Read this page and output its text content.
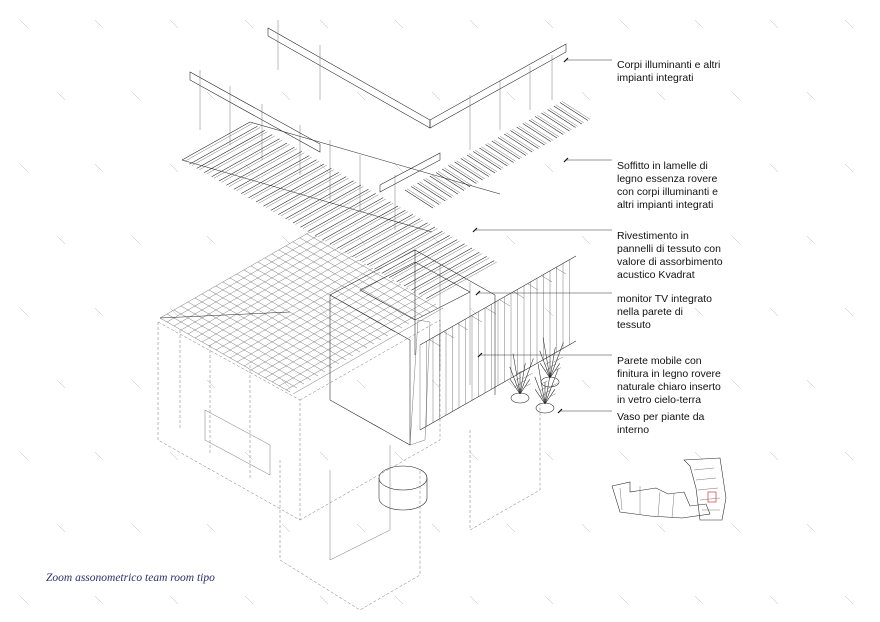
Corpi illuminanti e altri
impianti integrati
Soffitto in lamelle di
legno essenza rovere
con corpi illuminanti e
altri impianti integrati
Rivestimento in
pannelli di tessuto con
valore di assorbimento
acustico Kvadrat
monitor TV integrato
nella parete di
tessuto
Parete mobile con
finitura in legno rovere
naturale chiaro inserto
in vetro cielo-terra
Vaso per piante da
interno
Zoom assonometrico team room tipo
